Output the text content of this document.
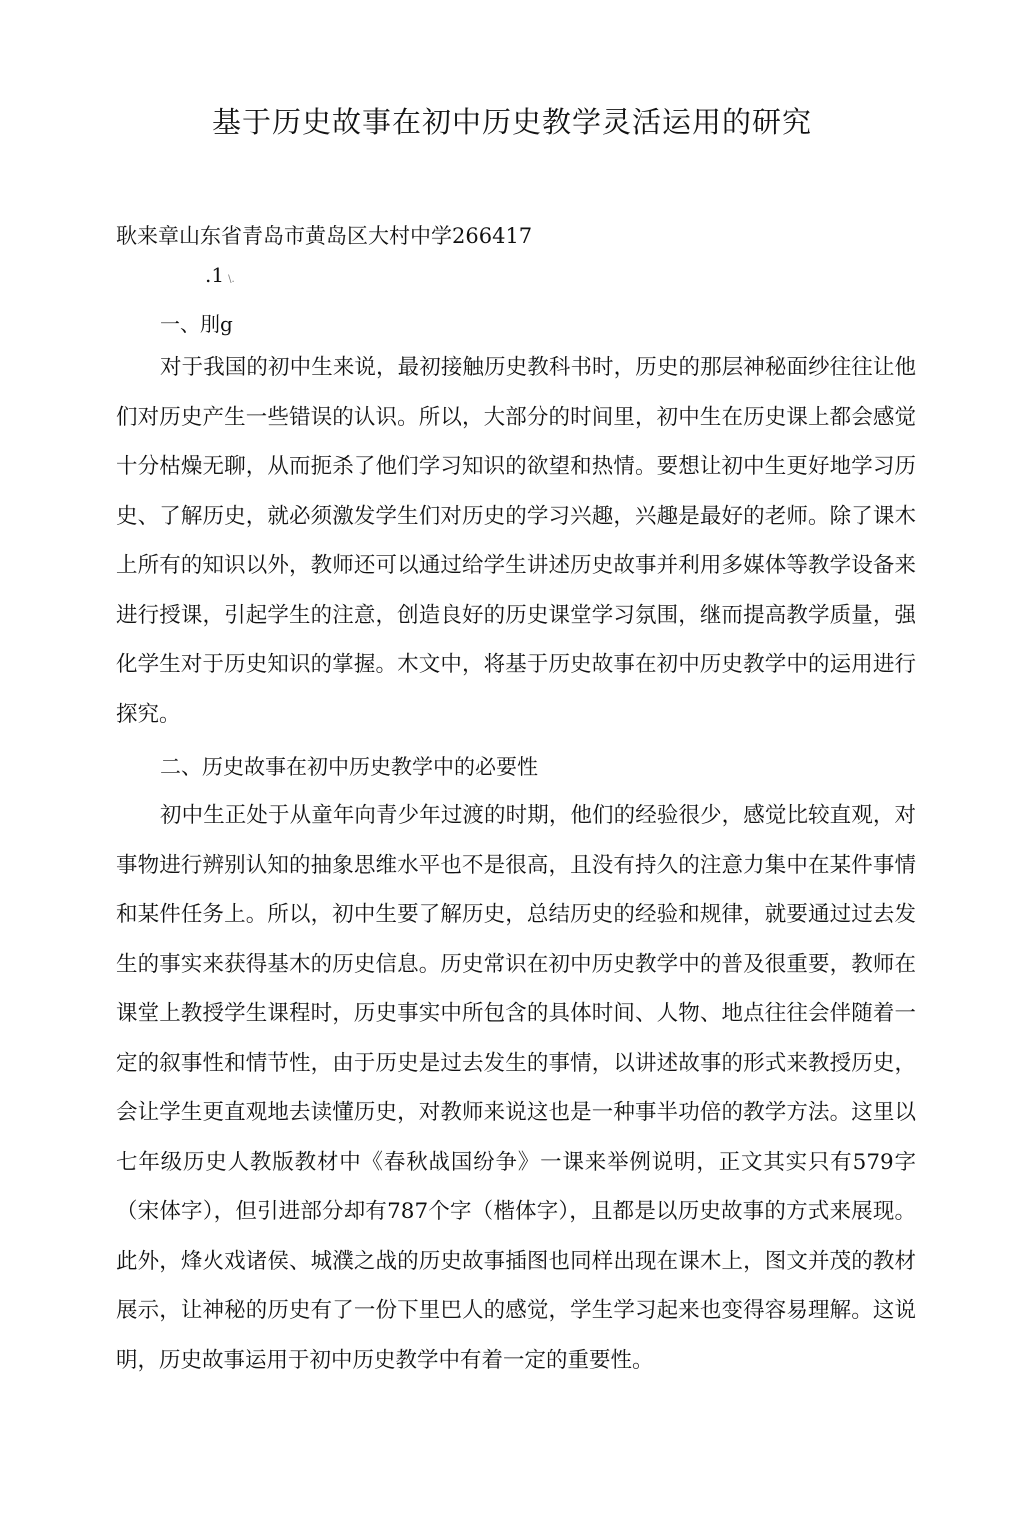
基于历史故事在初中历史教学灵活运用的研究

耿来章山东省青岛市黄岛区大村中学266417

.1 \.

一、刖g

对于我国的初中生来说，最初接触历史教科书时，历史的那层神秘面纱往往让他们对历史产生一些错误的认识。所以，大部分的时间里，初中生在历史课上都会感觉十分枯燥无聊，从而扼杀了他们学习知识的欲望和热情。要想让初中生更好地学习历史、了解历史，就必须激发学生们对历史的学习兴趣，兴趣是最好的老师。除了课木上所有的知识以外，教师还可以通过给学生讲述历史故事并利用多媒体等教学设备来进行授课，引起学生的注意，创造良好的历史课堂学习氛围，继而提高教学质量，强化学生对于历史知识的掌握。木文中，将基于历史故事在初中历史教学中的运用进行探究。

二、历史故事在初中历史教学中的必要性

初中生正处于从童年向青少年过渡的时期，他们的经验很少，感觉比较直观，对事物进行辨别认知的抽象思维水平也不是很高，且没有持久的注意力集中在某件事情和某件任务上。所以，初中生要了解历史，总结历史的经验和规律，就要通过过去发生的事实来获得基木的历史信息。历史常识在初中历史教学中的普及很重要，教师在课堂上教授学生课程时，历史事实中所包含的具体时间、人物、地点往往会伴随着一定的叙事性和情节性，由于历史是过去发生的事情，以讲述故事的形式来教授历史，会让学生更直观地去读懂历史，对教师来说这也是一种事半功倍的教学方法。这里以七年级历史人教版教材中《春秋战国纷争》一课来举例说明，正文其实只有579字（宋体字），但引进部分却有787个字（楷体字），且都是以历史故事的方式来展现。此外，烽火戏诸侯、城濮之战的历史故事插图也同样出现在课木上，图文并茂的教材展示，让神秘的历史有了一份下里巴人的感觉，学生学习起来也变得容易理解。这说明，历史故事运用于初中历史教学中有着一定的重要性。
